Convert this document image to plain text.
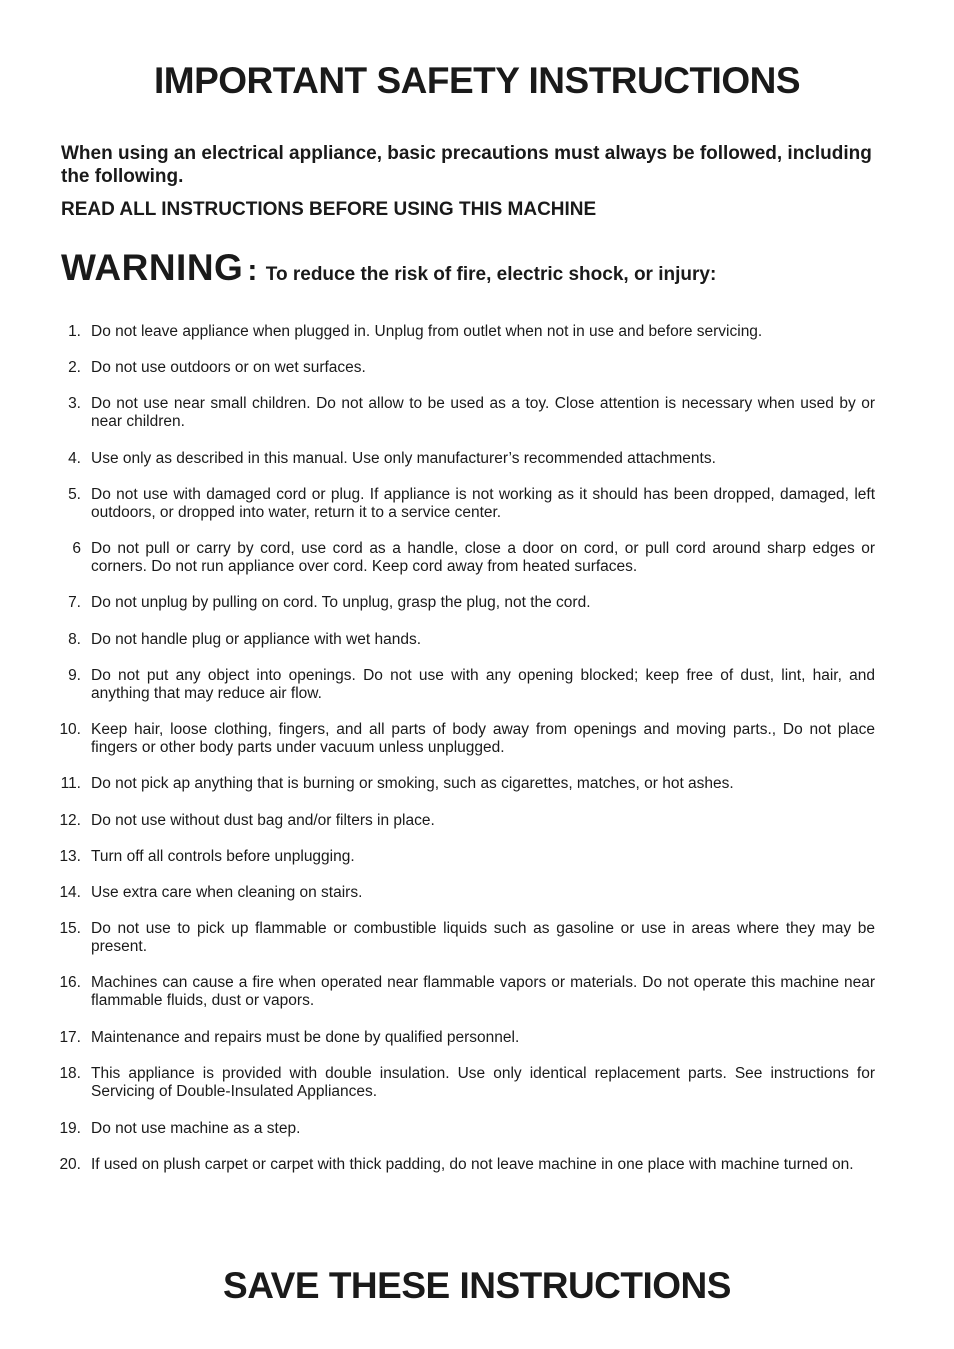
IMPORTANT SAFETY INSTRUCTIONS

When using an electrical appliance, basic precautions must always be followed, including the following.

READ ALL INSTRUCTIONS BEFORE USING THIS MACHINE

WARNING : To reduce the risk of fire, electric shock, or injury:

1. Do not leave appliance when plugged in. Unplug from outlet when not in use and before servicing.
2. Do not use outdoors or on wet surfaces.
3. Do not use near small children. Do not allow to be used as a toy. Close attention is necessary when used by or near children.
4. Use only as described in this manual. Use only manufacturer’s recommended attachments.
5. Do not use with damaged cord or plug. If appliance is not working as it should has been dropped, damaged, left outdoors, or dropped into water, return it to a service center.
6 Do not pull or carry by cord, use cord as a handle, close a door on cord, or pull cord around sharp edges or corners. Do not run appliance over cord. Keep cord away from heated surfaces.
7. Do not unplug by pulling on cord. To unplug, grasp the plug, not the cord.
8. Do not handle plug or appliance with wet hands.
9. Do not put any object into openings. Do not use with any opening blocked; keep free of dust, lint, hair, and anything that may reduce air flow.
10. Keep hair, loose clothing, fingers, and all parts of body away from openings and moving parts., Do not place fingers or other body parts under vacuum unless unplugged.
11. Do not pick ap anything that is burning or smoking, such as cigarettes, matches, or hot ashes.
12. Do not use without dust bag and/or filters in place.
13. Turn off all controls before unplugging.
14. Use extra care when cleaning on stairs.
15. Do not use to pick up flammable or combustible liquids such as gasoline or use in areas where they may be present.
16. Machines can cause a fire when operated near flammable vapors or materials. Do not operate this machine near flammable fluids, dust or vapors.
17. Maintenance and repairs must be done by qualified personnel.
18. This appliance is provided with double insulation. Use only identical replacement parts. See instructions for Servicing of Double-Insulated Appliances.
19. Do not use machine as a step.
20. If used on plush carpet or carpet with thick padding, do not leave machine in one place with machine turned on.
SAVE THESE INSTRUCTIONS
